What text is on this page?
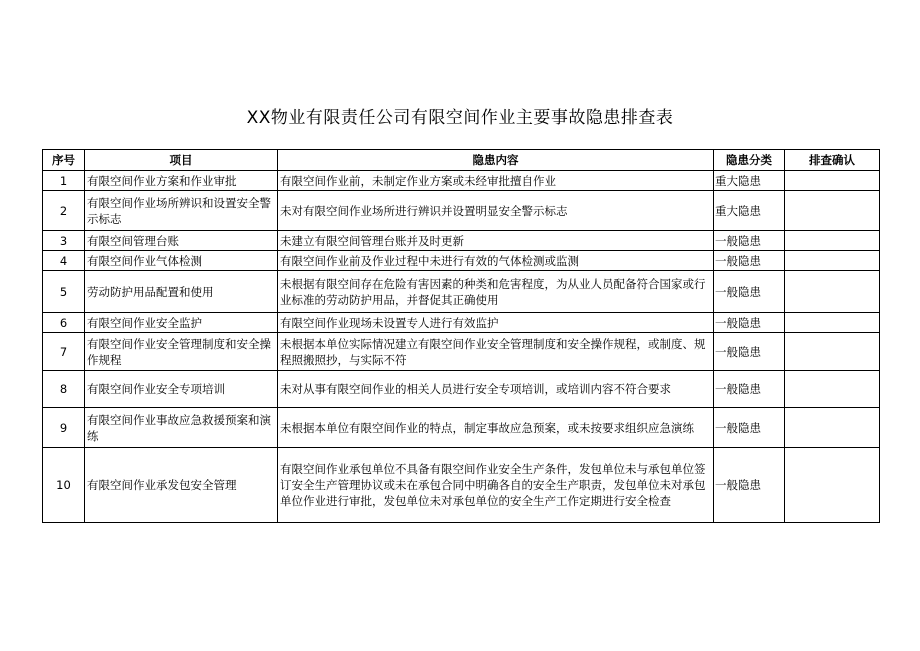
XX物业有限责任公司有限空间作业主要事故隐患排查表
序号	项目	隐患内容	隐患分类	排查确认
1	有限空间作业方案和作业审批	有限空间作业前，未制定作业方案或未经审批擅自作业	重大隐患	
2	有限空间作业场所辨识和设置安全警示标志	未对有限空间作业场所进行辨识并设置明显安全警示标志	重大隐患	
3	有限空间管理台账	未建立有限空间管理台账并及时更新	一般隐患	
4	有限空间作业气体检测	有限空间作业前及作业过程中未进行有效的气体检测或监测	一般隐患	
5	劳动防护用品配置和使用	未根据有限空间存在危险有害因素的种类和危害程度，为从业人员配备符合国家或行业标准的劳动防护用品，并督促其正确使用	一般隐患	
6	有限空间作业安全监护	有限空间作业现场未设置专人进行有效监护	一般隐患	
7	有限空间作业安全管理制度和安全操作规程	未根据本单位实际情况建立有限空间作业安全管理制度和安全操作规程，或制度、规程照搬照抄，与实际不符	一般隐患	
8	有限空间作业安全专项培训	未对从事有限空间作业的相关人员进行安全专项培训，或培训内容不符合要求	一般隐患	
9	有限空间作业事故应急救援预案和演练	未根据本单位有限空间作业的特点，制定事故应急预案，或未按要求组织应急演练	一般隐患	
10	有限空间作业承发包安全管理	有限空间作业承包单位不具备有限空间作业安全生产条件，发包单位未与承包单位签订安全生产管理协议或未在承包合同中明确各自的安全生产职责，发包单位未对承包单位作业进行审批，发包单位未对承包单位的安全生产工作定期进行安全检查	一般隐患	
